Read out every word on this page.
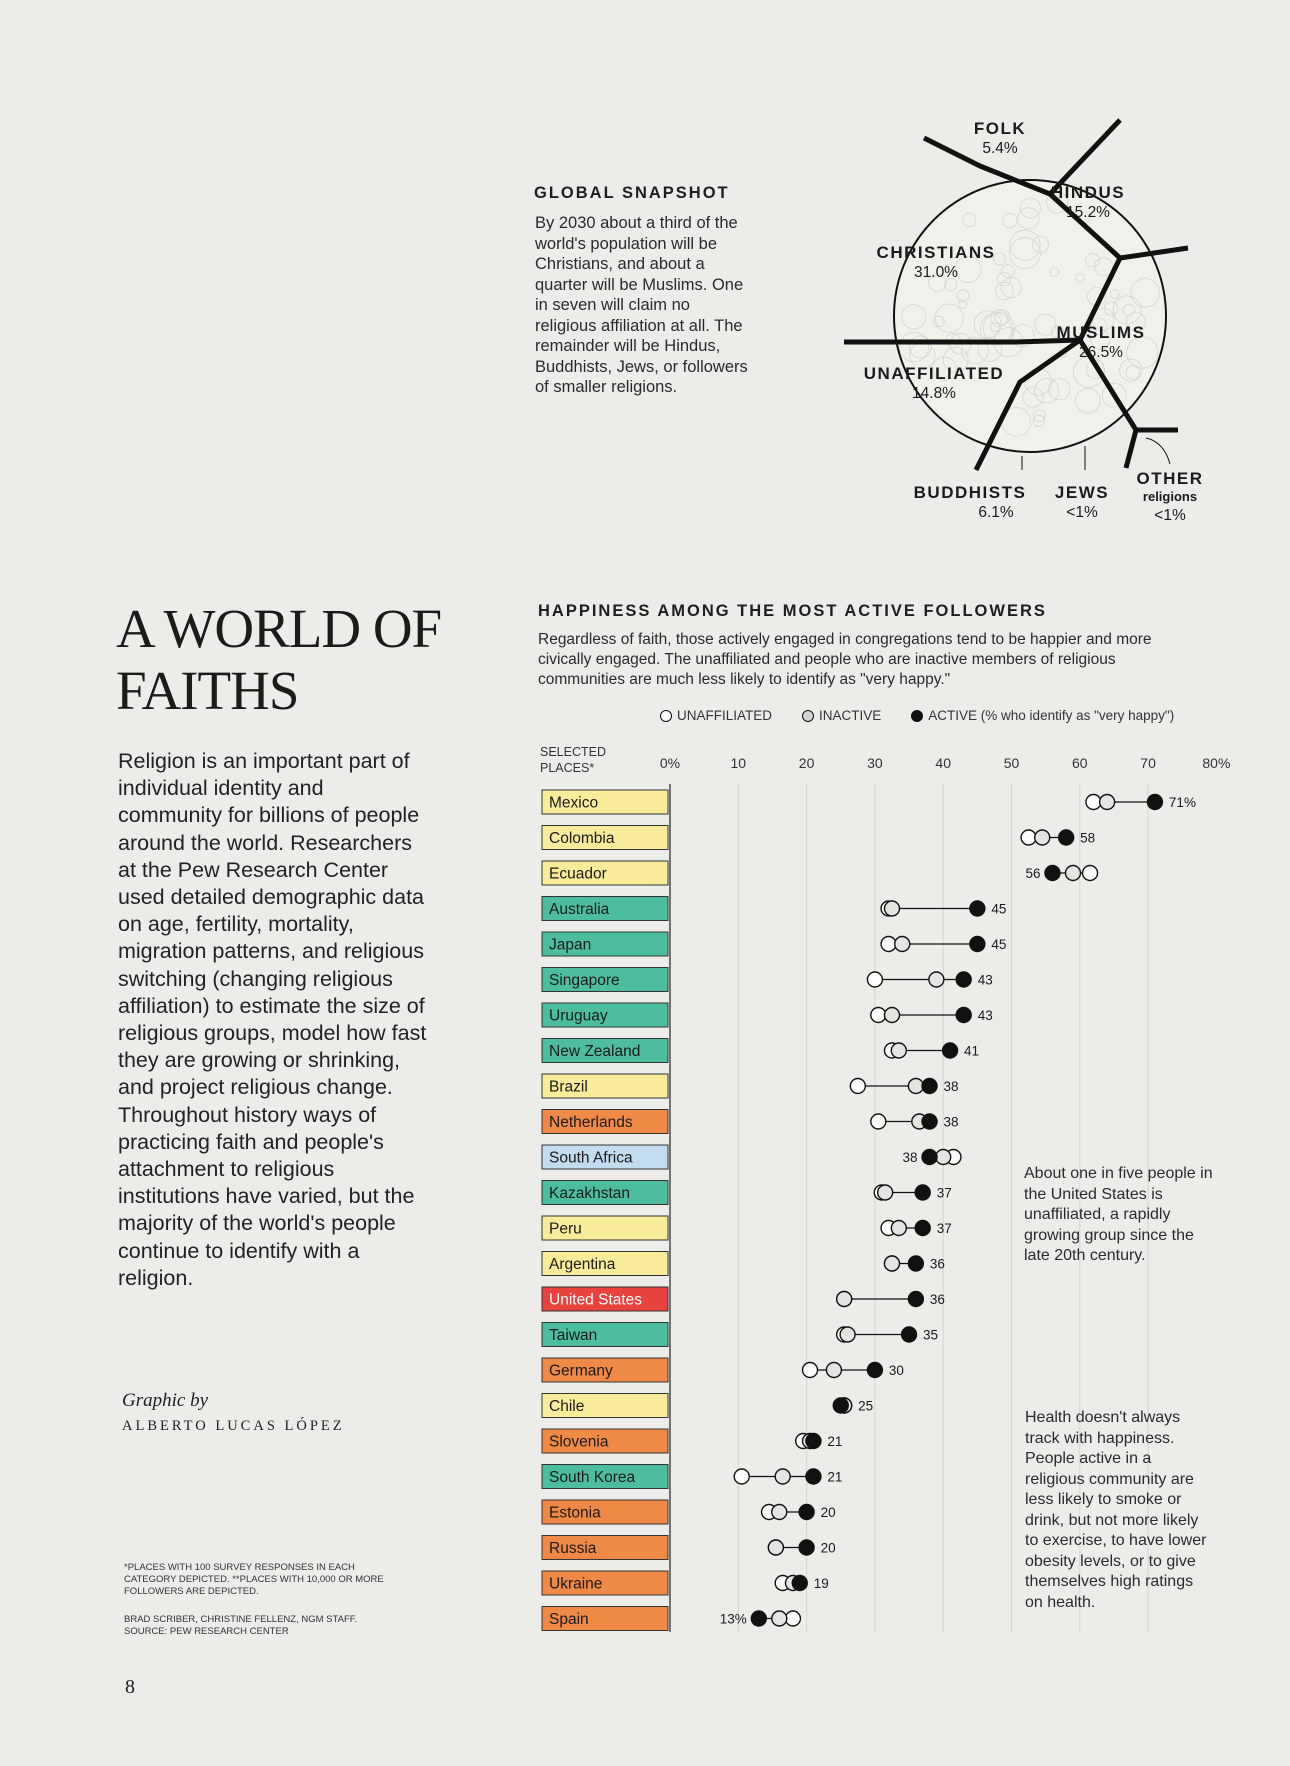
A WORLD OF FAITHS
Religion is an important part of individual identity and community for billions of people around the world. Researchers at the Pew Research Center used detailed demographic data on age, fertility, mortality, migration patterns, and religious switching (changing religious affiliation) to estimate the size of religious groups, model how fast they are growing or shrinking, and project religious change. Throughout history ways of practicing faith and people's attachment to religious institutions have varied, but the majority of the world's people continue to identify with a religion.
Graphic by
ALBERTO LUCAS LÓPEZ
*PLACES WITH 100 SURVEY RESPONSES IN EACH CATEGORY DEPICTED. **PLACES WITH 10,000 OR MORE FOLLOWERS ARE DEPICTED.
BRAD SCRIBER, CHRISTINE FELLENZ, NGM STAFF. SOURCE: PEW RESEARCH CENTER
8
GLOBAL SNAPSHOT
By 2030 about a third of the world's population will be Christians, and about a quarter will be Muslims. One in seven will claim no religious affiliation at all. The remainder will be Hindus, Buddhists, Jews, or followers of smaller religions.
CHRISTIANS
31.0%
MUSLIMS
26.5%
HINDUS
15.2%
UNAFFILIATED
14.8%
BUDDHISTS
6.1%
FOLK
5.4%
JEWS
<1%
OTHER
religions
<1%
HAPPINESS AMONG THE MOST ACTIVE FOLLOWERS
Regardless of faith, those actively engaged in congregations tend to be happier and more civically engaged. The unaffiliated and people who are inactive members of religious communities are much less likely to identify as "very happy."
UNAFFILIATED	INACTIVE	ACTIVE (% who identify as "very happy")
SELECTED
PLACES*	0%	10	20	30	40	50	60	70	80%
Mexico	71%
Colombia	58
Ecuador	56
Australia	45
Japan	45
Singapore	43
Uruguay	43
New Zealand	41
Brazil	38
Netherlands	38
South Africa	38
Kazakhstan	37
Peru	37
Argentina	36
United States	36
Taiwan	35
Germany	30
Chile	25
Slovenia	21
South Korea	21
Estonia	20
Russia	20
Ukraine	19
Spain	13%
About one in five people in the United States is unaffiliated, a rapidly growing group since the late 20th century.
Health doesn't always track with happiness. People active in a religious community are less likely to smoke or drink, but not more likely to exercise, to have lower obesity levels, or to give themselves high ratings on health.
